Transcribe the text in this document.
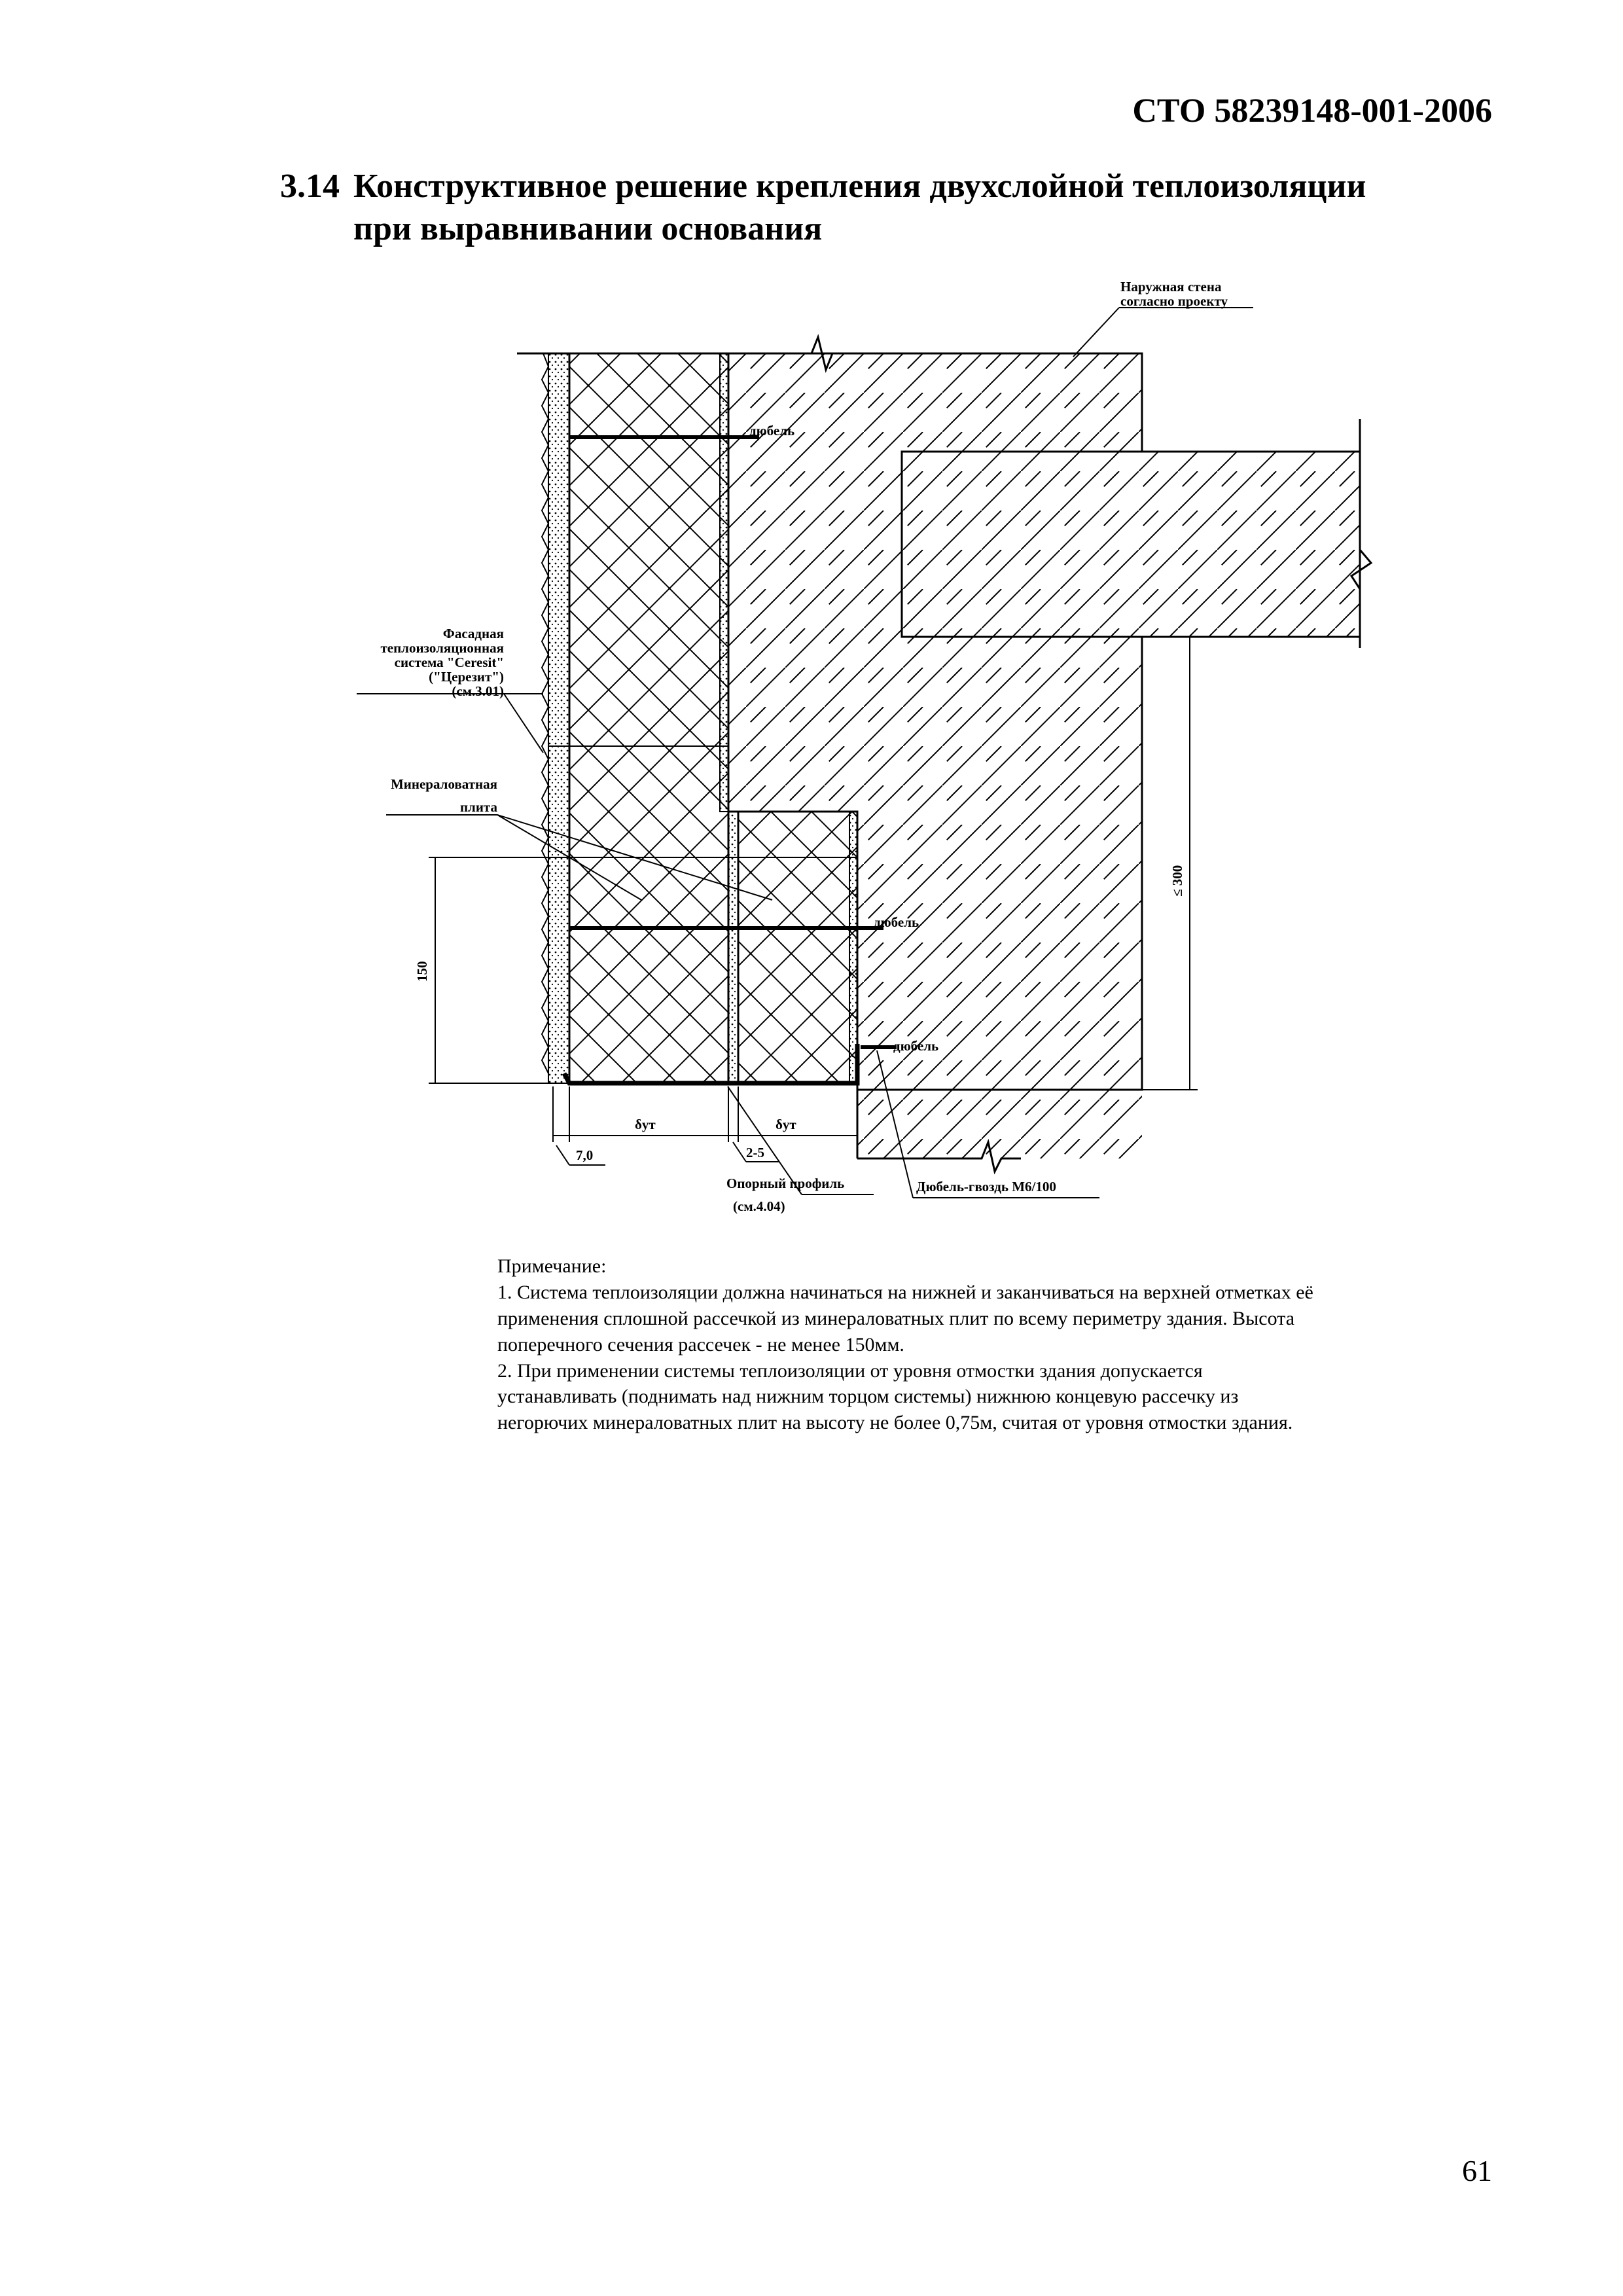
СТО 58239148-001-2006
3.14 Конструктивное решение крепления двухслойной теплоизоляции
при выравнивании основания
Наружная стена
согласно проекту
дюбель
Фасадная
теплоизоляционная
система "Ceresit"
("Церезит")
(см.3.01)
Минераловатная
плита
дюбель
дюбель
Опорный профиль
(см.4.04)
Дюбель-гвоздь М6/100
150
≤ 300
δут	δут
7,0	2-5

Примечание:

1. Система теплоизоляции должна начинаться на нижней и заканчиваться на верхней отметках её применения сплошной рассечкой из минераловатных плит по всему периметру здания. Высота поперечного сечения рассечек - не менее 150мм.

2. При применении системы теплоизоляции от уровня отмостки здания допускается устанавливать (поднимать над нижним торцом системы) нижнюю концевую рассечку из негорючих минераловатных плит на высоту не более 0,75м, считая от уровня отмостки здания.

61
